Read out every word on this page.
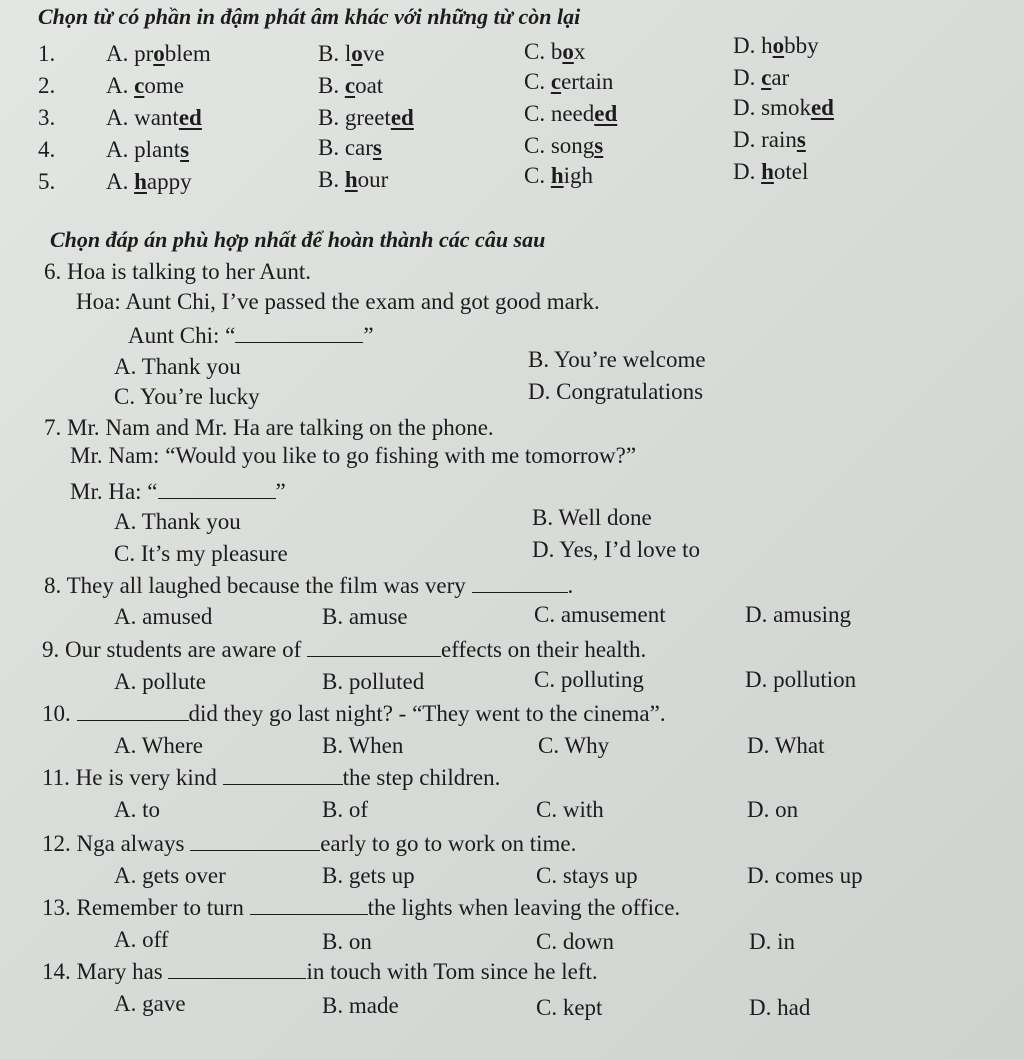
Chọn từ có phần in đậm phát âm khác với những từ còn lại
1. A. problem	B. love	C. box	D. hobby
2. A. come	B. coat	C. certain	D. car
3. A. wanted	B. greeted	C. needed	D. smoked
4. A. plants	B. cars	C. songs	D. rains
5. A. happy	B. hour	C. high	D. hotel
Chọn đáp án phù hợp nhất để hoàn thành các câu sau
6. Hoa is talking to her Aunt.
Hoa: Aunt Chi, I’ve passed the exam and got good mark.
Aunt Chi: “	”
A. Thank you	B. You’re welcome
C. You’re lucky	D. Congratulations
7. Mr. Nam and Mr. Ha are talking on the phone.
Mr. Nam: “Would you like to go fishing with me tomorrow?”
Mr. Ha: “	”
A. Thank you	B. Well done
C. It’s my pleasure	D. Yes, I’d love to
8. They all laughed because the film was very	.
A. amused	B. amuse	C. amusement	D. amusing
9. Our students are aware of	effects on their health.
A. pollute	B. polluted	C. polluting	D. pollution
10.	did they go last night? - “They went to the cinema”.
A. Where	B. When	C. Why	D. What
11. He is very kind	the step children.
A. to	B. of	C. with	D. on
12. Nga always	early to go to work on time.
A. gets over	B. gets up	C. stays up	D. comes up
13. Remember to turn	the lights when leaving the office.
A. off	B. on	C. down	D. in
14. Mary has	in touch with Tom since he left.
A. gave	B. made	C. kept	D. had
